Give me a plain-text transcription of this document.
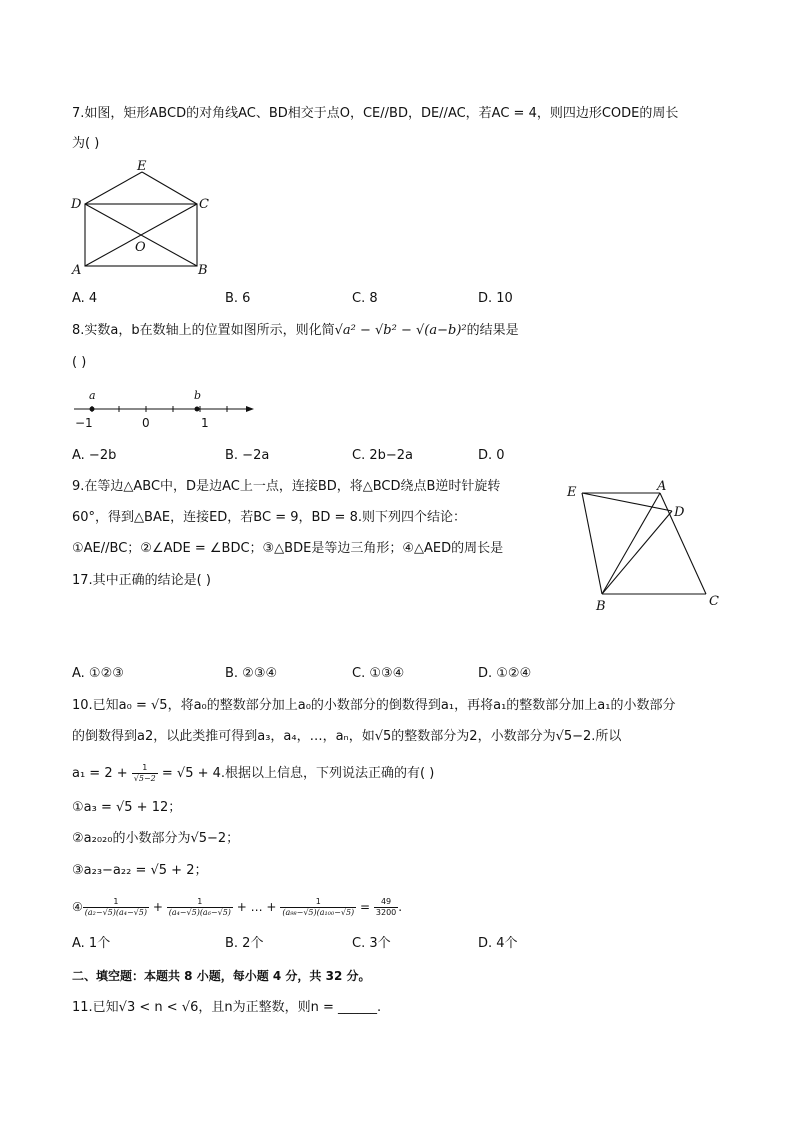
7.如图，矩形ABCD的对角线AC、BD相交于点O，CE//BD，DE//AC，若AC = 4，则四边形CODE的周长
为( )
E
D	C
O
A	B
A. 4	B. 6	C. 8	D. 10
8.实数a，b在数轴上的位置如图所示，则化简√a² − √b² − √(a−b)²的结果是
( )
a	b
−1	0	1
A. −2b	B. −2a	C. 2b−2a	D. 0
9.在等边△ABC中，D是边AC上一点，连接BD，将△BCD绕点B逆时针旋转
60°，得到△BAE，连接ED，若BC = 9，BD = 8.则下列四个结论：
①AE//BC；②∠ADE = ∠BDC；③△BDE是等边三角形；④△AED的周长是
17.其中正确的结论是( )
E	A
D
B	C
A. ①②③	B. ②③④	C. ①③④	D. ①②④
10.已知a₀ = √5，将a₀的整数部分加上a₀的小数部分的倒数得到a₁，再将a₁的整数部分加上a₁的小数部分
的倒数得到a2，以此类推可得到a₃，a₄，…，aₙ，如√5的整数部分为2，小数部分为√5−2.所以
$a_1 = 2 + \frac{1}{√5-2} = √5 + 4$.根据以上信息，下列说法正确的有( )
①a₃ = √5 + 12；
②a₂₀₂₀的小数部分为√5−2；
③a₂₃−a₂₂ = √5 + 2；
④ $\frac{1}{\text{(a₂−√5)(a₄−√5)}} + \frac{1}{\text{(a₄−√5)(a₆−√5)}}$ + … + $\frac{1}{\text{(a₉₈−√5)(a₁₀₀−√5)}} = \frac{49}{3200}$ .
A. 1个	B. 2个	C. 3个	D. 4个
二、填空题：本题共 8 小题，每小题 4 分，共 32 分。
11.已知√3 < n < √6，且n为正整数，则n = ______.
